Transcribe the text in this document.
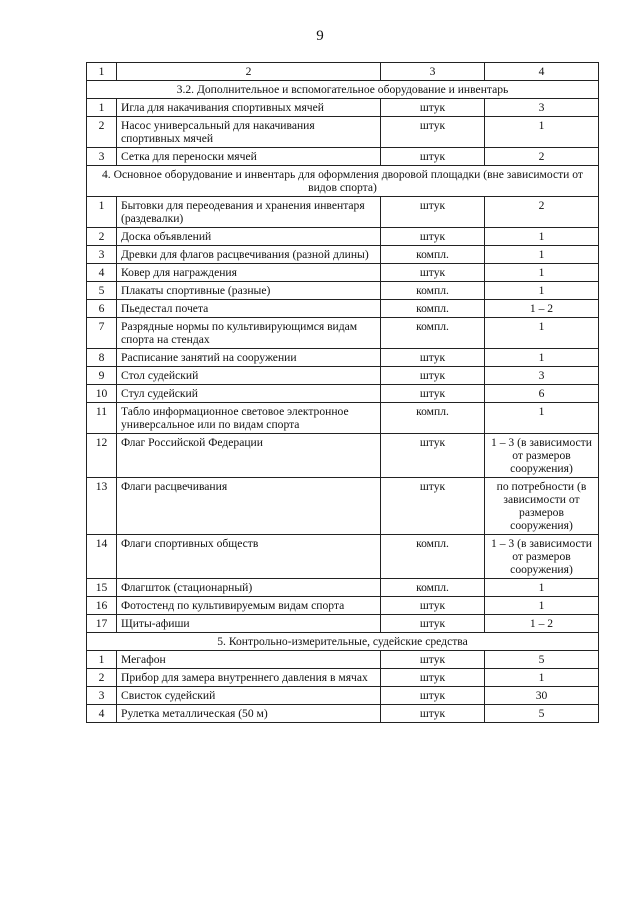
9
1	2	3	4
3.2. Дополнительное и вспомогательное оборудование и инвентарь			
1	Игла для накачивания спортивных мячей	штук	3
2	Насос универсальный для накачивания спортивных мячей	штук	1
3	Сетка для переноски мячей	штук	2
4. Основное оборудование и инвентарь для оформления дворовой площадки (вне зависимости от видов спорта)			
1	Бытовки для переодевания и хранения инвентаря (раздевалки)	штук	2
2	Доска объявлений	штук	1
3	Древки для флагов расцвечивания (разной длины)	компл.	1
4	Ковер для награждения	штук	1
5	Плакаты спортивные (разные)	компл.	1
6	Пьедестал почета	компл.	1 – 2
7	Разрядные нормы по культивирующимся видам спорта на стендах	компл.	1
8	Расписание занятий на сооружении	штук	1
9	Стол судейский	штук	3
10	Стул судейский	штук	6
11	Табло информационное световое электронное универсальное или по видам спорта	компл.	1
12	Флаг Российской Федерации	штук	1 – 3 (в зависимости от размеров сооружения)
13	Флаги расцвечивания	штук	по потребности (в зависимости от размеров сооружения)
14	Флаги спортивных обществ	компл.	1 – 3 (в зависимости от размеров сооружения)
15	Флагшток (стационарный)	компл.	1
16	Фотостенд по культивируемым видам спорта	штук	1
17	Щиты-афиши	штук	1 – 2
5. Контрольно-измерительные, судейские средства			
1	Мегафон	штук	5
2	Прибор для замера внутреннего давления в мячах	штук	1
3	Свисток судейский	штук	30
4	Рулетка металлическая (50 м)	штук	5
